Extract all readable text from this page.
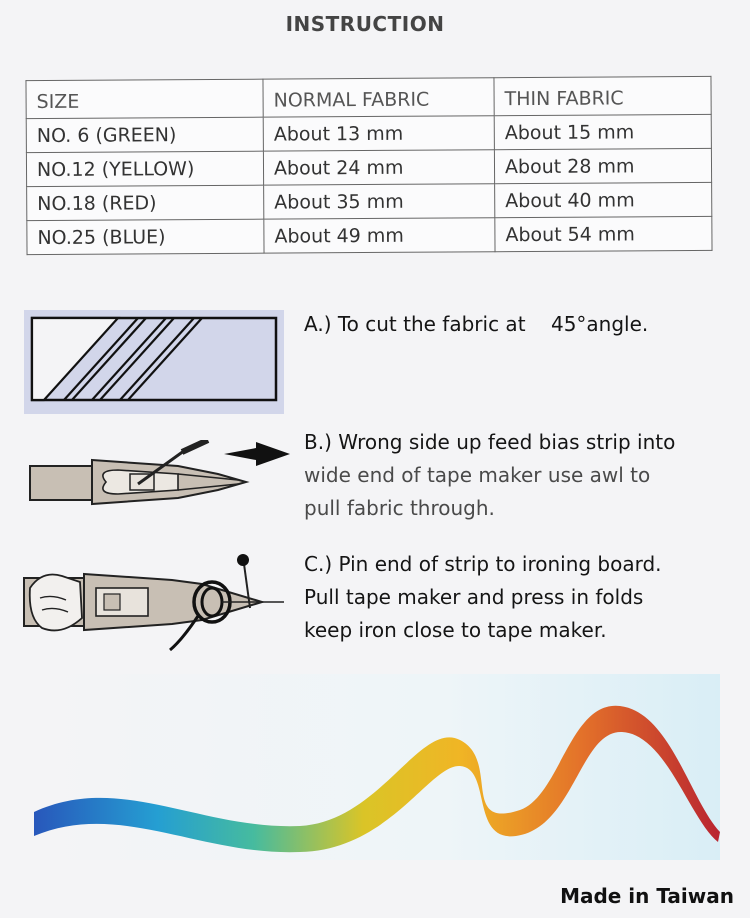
INSTRUCTION
SIZE	NORMAL FABRIC	THIN FABRIC
NO. 6 (GREEN)	About 13 mm	About 15 mm
NO.12 (YELLOW)	About 24 mm	About 28 mm
NO.18 (RED)	About 35 mm	About 40 mm
NO.25 (BLUE)	About 49 mm	About 54 mm
A.) To cut the fabric at    45°angle.
B.) Wrong side up feed bias strip into
wide end of tape maker use awl to
pull fabric through.
C.) Pin end of strip to ironing board.
Pull tape maker and press in folds
keep iron close to tape maker.
Made in Taiwan
